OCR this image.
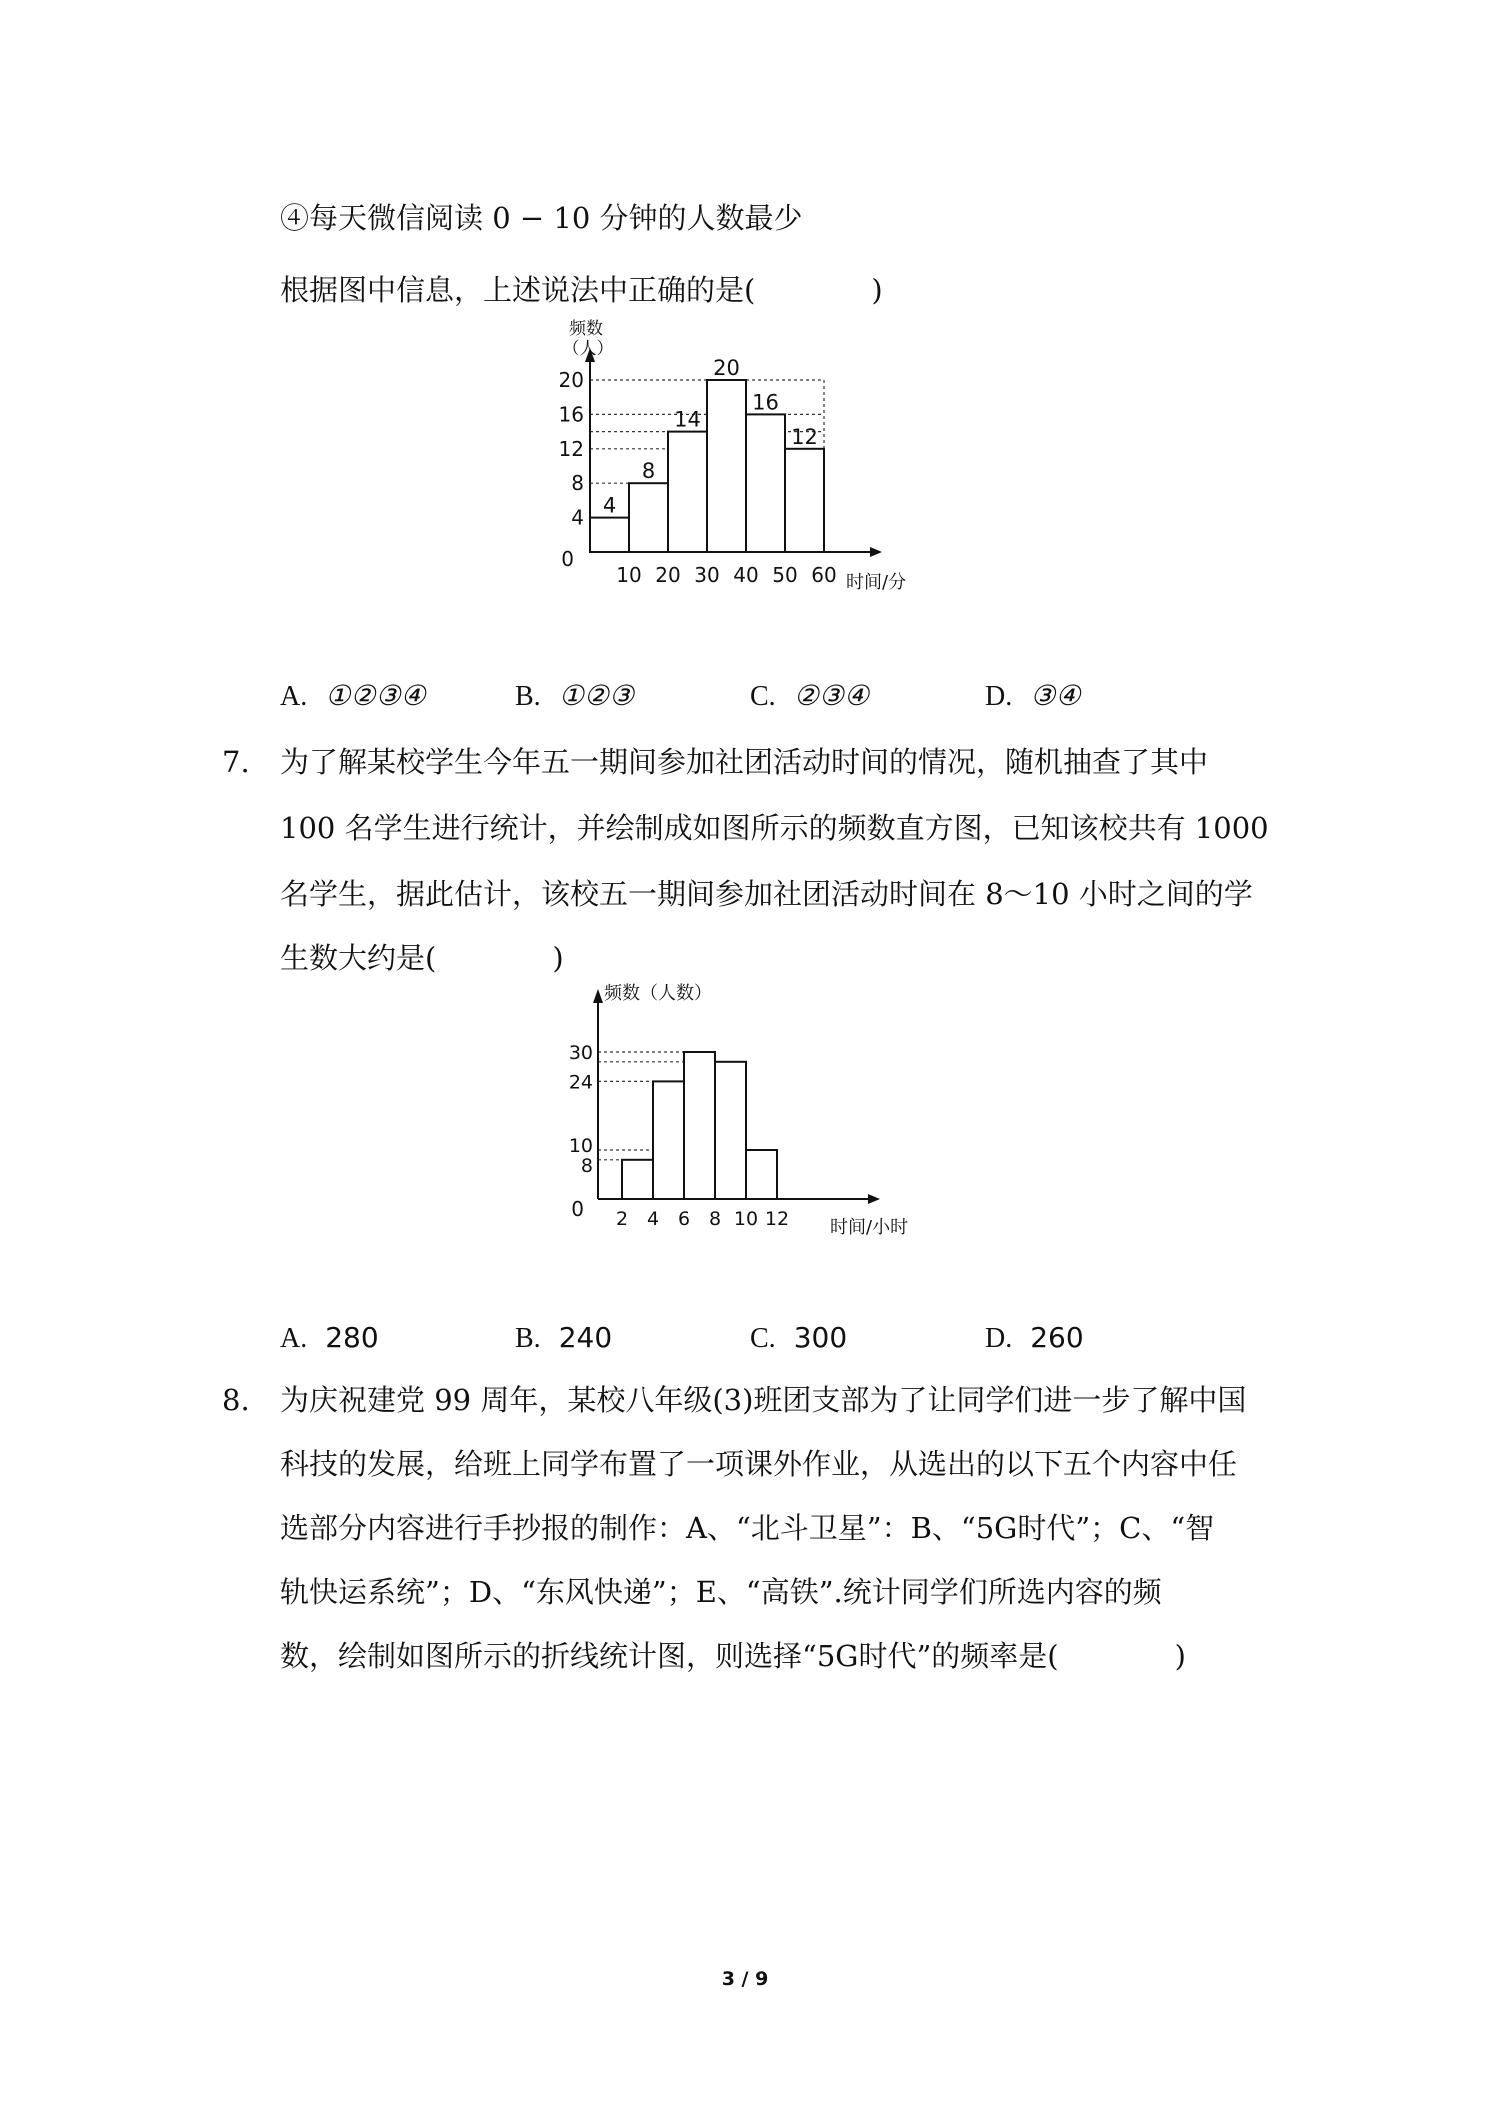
④每天微信阅读 0 − 10 分钟的人数最少
根据图中信息，上述说法中正确的是(　　　　)
4
8
14
20
16
12
4
8
12
16
20
0
10 20 30 40 50 60
频数
（人）
时间/分
A. ①②③④	B. ①②③	C. ②③④	D. ③④
7. 为了解某校学生今年五一期间参加社团活动时间的情况，随机抽查了其中
100 名学生进行统计，并绘制成如图所示的频数直方图，已知该校共有 1000
名学生，据此估计，该校五一期间参加社团活动时间在 8～10 小时之间的学
生数大约是(　　　　)
8
10
24
30
0 2 4 6 8 10 12
频数（人数）
时间/小时
A. 280	B. 240	C. 300	D. 260
8. 为庆祝建党 99 周年，某校八年级(3)班团支部为了让同学们进一步了解中国
科技的发展，给班上同学布置了一项课外作业，从选出的以下五个内容中任
选部分内容进行手抄报的制作：A、“北斗卫星”：B、“5G时代”；C、“智
轨快运系统”；D、“东风快递”；E、“高铁”.统计同学们所选内容的频
数，绘制如图所示的折线统计图，则选择“5G时代”的频率是(　　　　)
3 / 9
